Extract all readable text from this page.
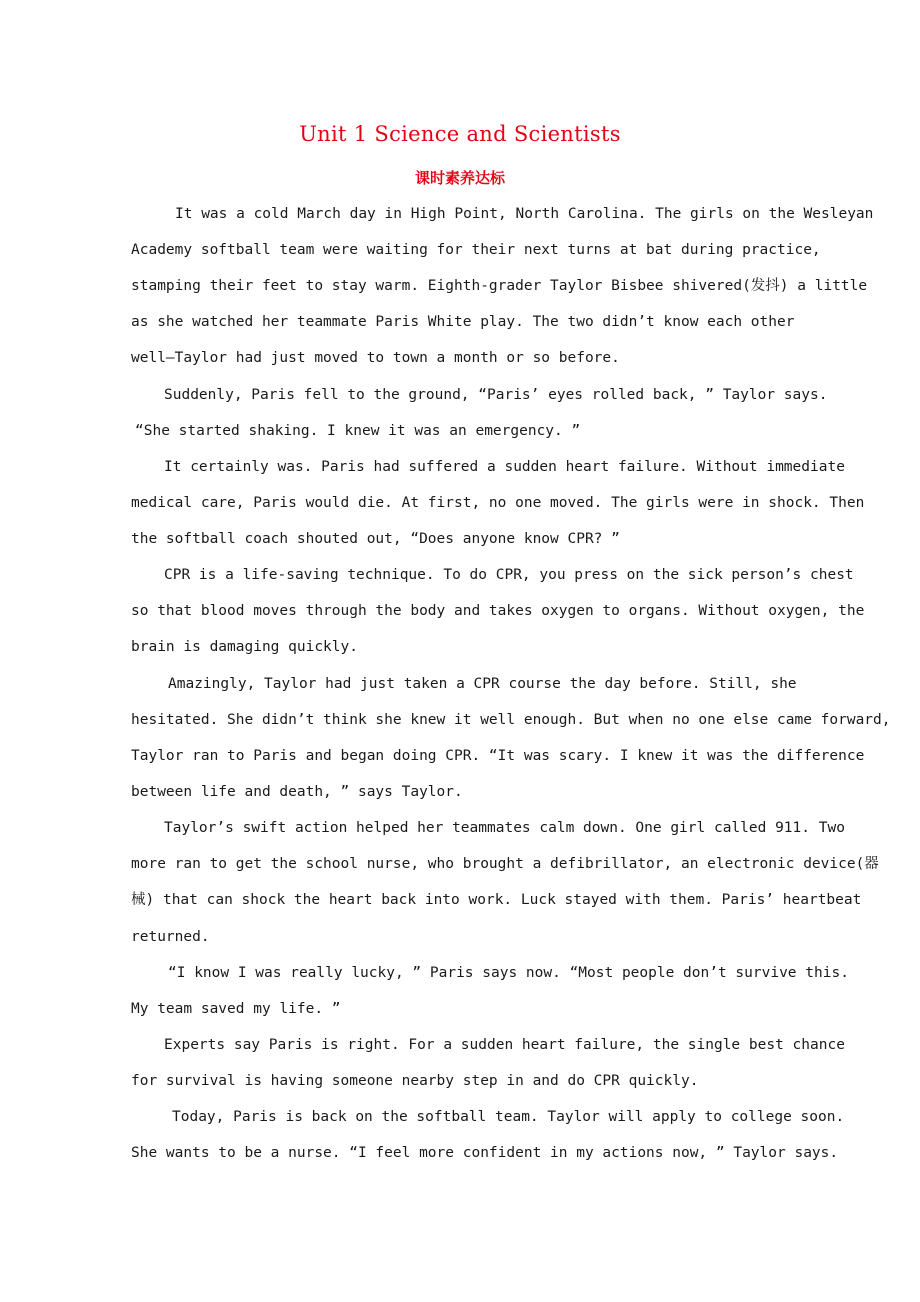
Unit 1 Science and Scientists
课时素养达标
It was a cold March day in High Point, North Carolina. The girls on the Wesleyan
Academy softball team were waiting for their next turns at bat during practice,
stamping their feet to stay warm. Eighth-grader Taylor Bisbee shivered(发抖) a little
as she watched her teammate Paris White play. The two didn’t know each other
well—Taylor had just moved to town a month or so before.
Suddenly, Paris fell to the ground, “Paris’ eyes rolled back, ” Taylor says.
“She started shaking. I knew it was an emergency. ”
It certainly was. Paris had suffered a sudden heart failure. Without immediate
medical care, Paris would die. At first, no one moved. The girls were in shock. Then
the softball coach shouted out, “Does anyone know CPR? ”
CPR is a life-saving technique. To do CPR, you press on the sick person’s chest
so that blood moves through the body and takes oxygen to organs. Without oxygen, the
brain is damaging quickly.
Amazingly, Taylor had just taken a CPR course the day before. Still, she
hesitated. She didn’t think she knew it well enough. But when no one else came forward,
Taylor ran to Paris and began doing CPR. “It was scary. I knew it was the difference
between life and death, ” says Taylor.
Taylor’s swift action helped her teammates calm down. One girl called 911. Two
more ran to get the school nurse, who brought a defibrillator, an electronic device(器
械) that can shock the heart back into work. Luck stayed with them. Paris’ heartbeat
returned.
“I know I was really lucky, ” Paris says now. “Most people don’t survive this.
My team saved my life. ”
Experts say Paris is right. For a sudden heart failure, the single best chance
for survival is having someone nearby step in and do CPR quickly.
Today, Paris is back on the softball team. Taylor will apply to college soon.
She wants to be a nurse. “I feel more confident in my actions now, ” Taylor says.
